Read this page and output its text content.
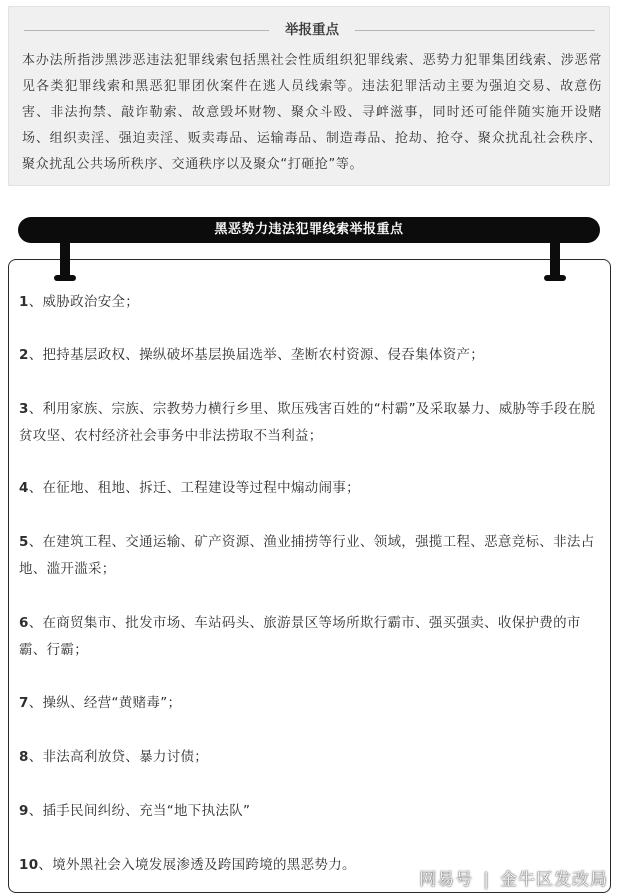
举报重点
本办法所指涉黑涉恶违法犯罪线索包括黑社会性质组织犯罪线索、恶势力犯罪集团线索、涉恶常见各类犯罪线索和黑恶犯罪团伙案件在逃人员线索等。违法犯罪活动主要为强迫交易、故意伤害、非法拘禁、敲诈勒索、故意毁坏财物、聚众斗殴、寻衅滋事，同时还可能伴随实施开设赌场、组织卖淫、强迫卖淫、贩卖毒品、运输毒品、制造毒品、抢劫、抢夺、聚众扰乱社会秩序、聚众扰乱公共场所秩序、交通秩序以及聚众“打砸抢”等。
黑恶势力违法犯罪线索举报重点
1、威胁政治安全；
2、把持基层政权、操纵破坏基层换届选举、垄断农村资源、侵吞集体资产；
3、利用家族、宗族、宗教势力横行乡里、欺压残害百姓的“村霸”及采取暴力、威胁等手段在脱贫攻坚、农村经济社会事务中非法捞取不当利益；
4、在征地、租地、拆迁、工程建设等过程中煽动闹事；
5、在建筑工程、交通运输、矿产资源、渔业捕捞等行业、领域，强揽工程、恶意竞标、非法占地、滥开滥采；
6、在商贸集市、批发市场、车站码头、旅游景区等场所欺行霸市、强买强卖、收保护费的市霸、行霸；
7、操纵、经营“黄赌毒”；
8、非法高利放贷、暴力讨债；
9、插手民间纠纷、充当“地下执法队”
10、境外黑社会入境发展渗透及跨国跨境的黑恶势力。
网易号 | 金牛区发改局
